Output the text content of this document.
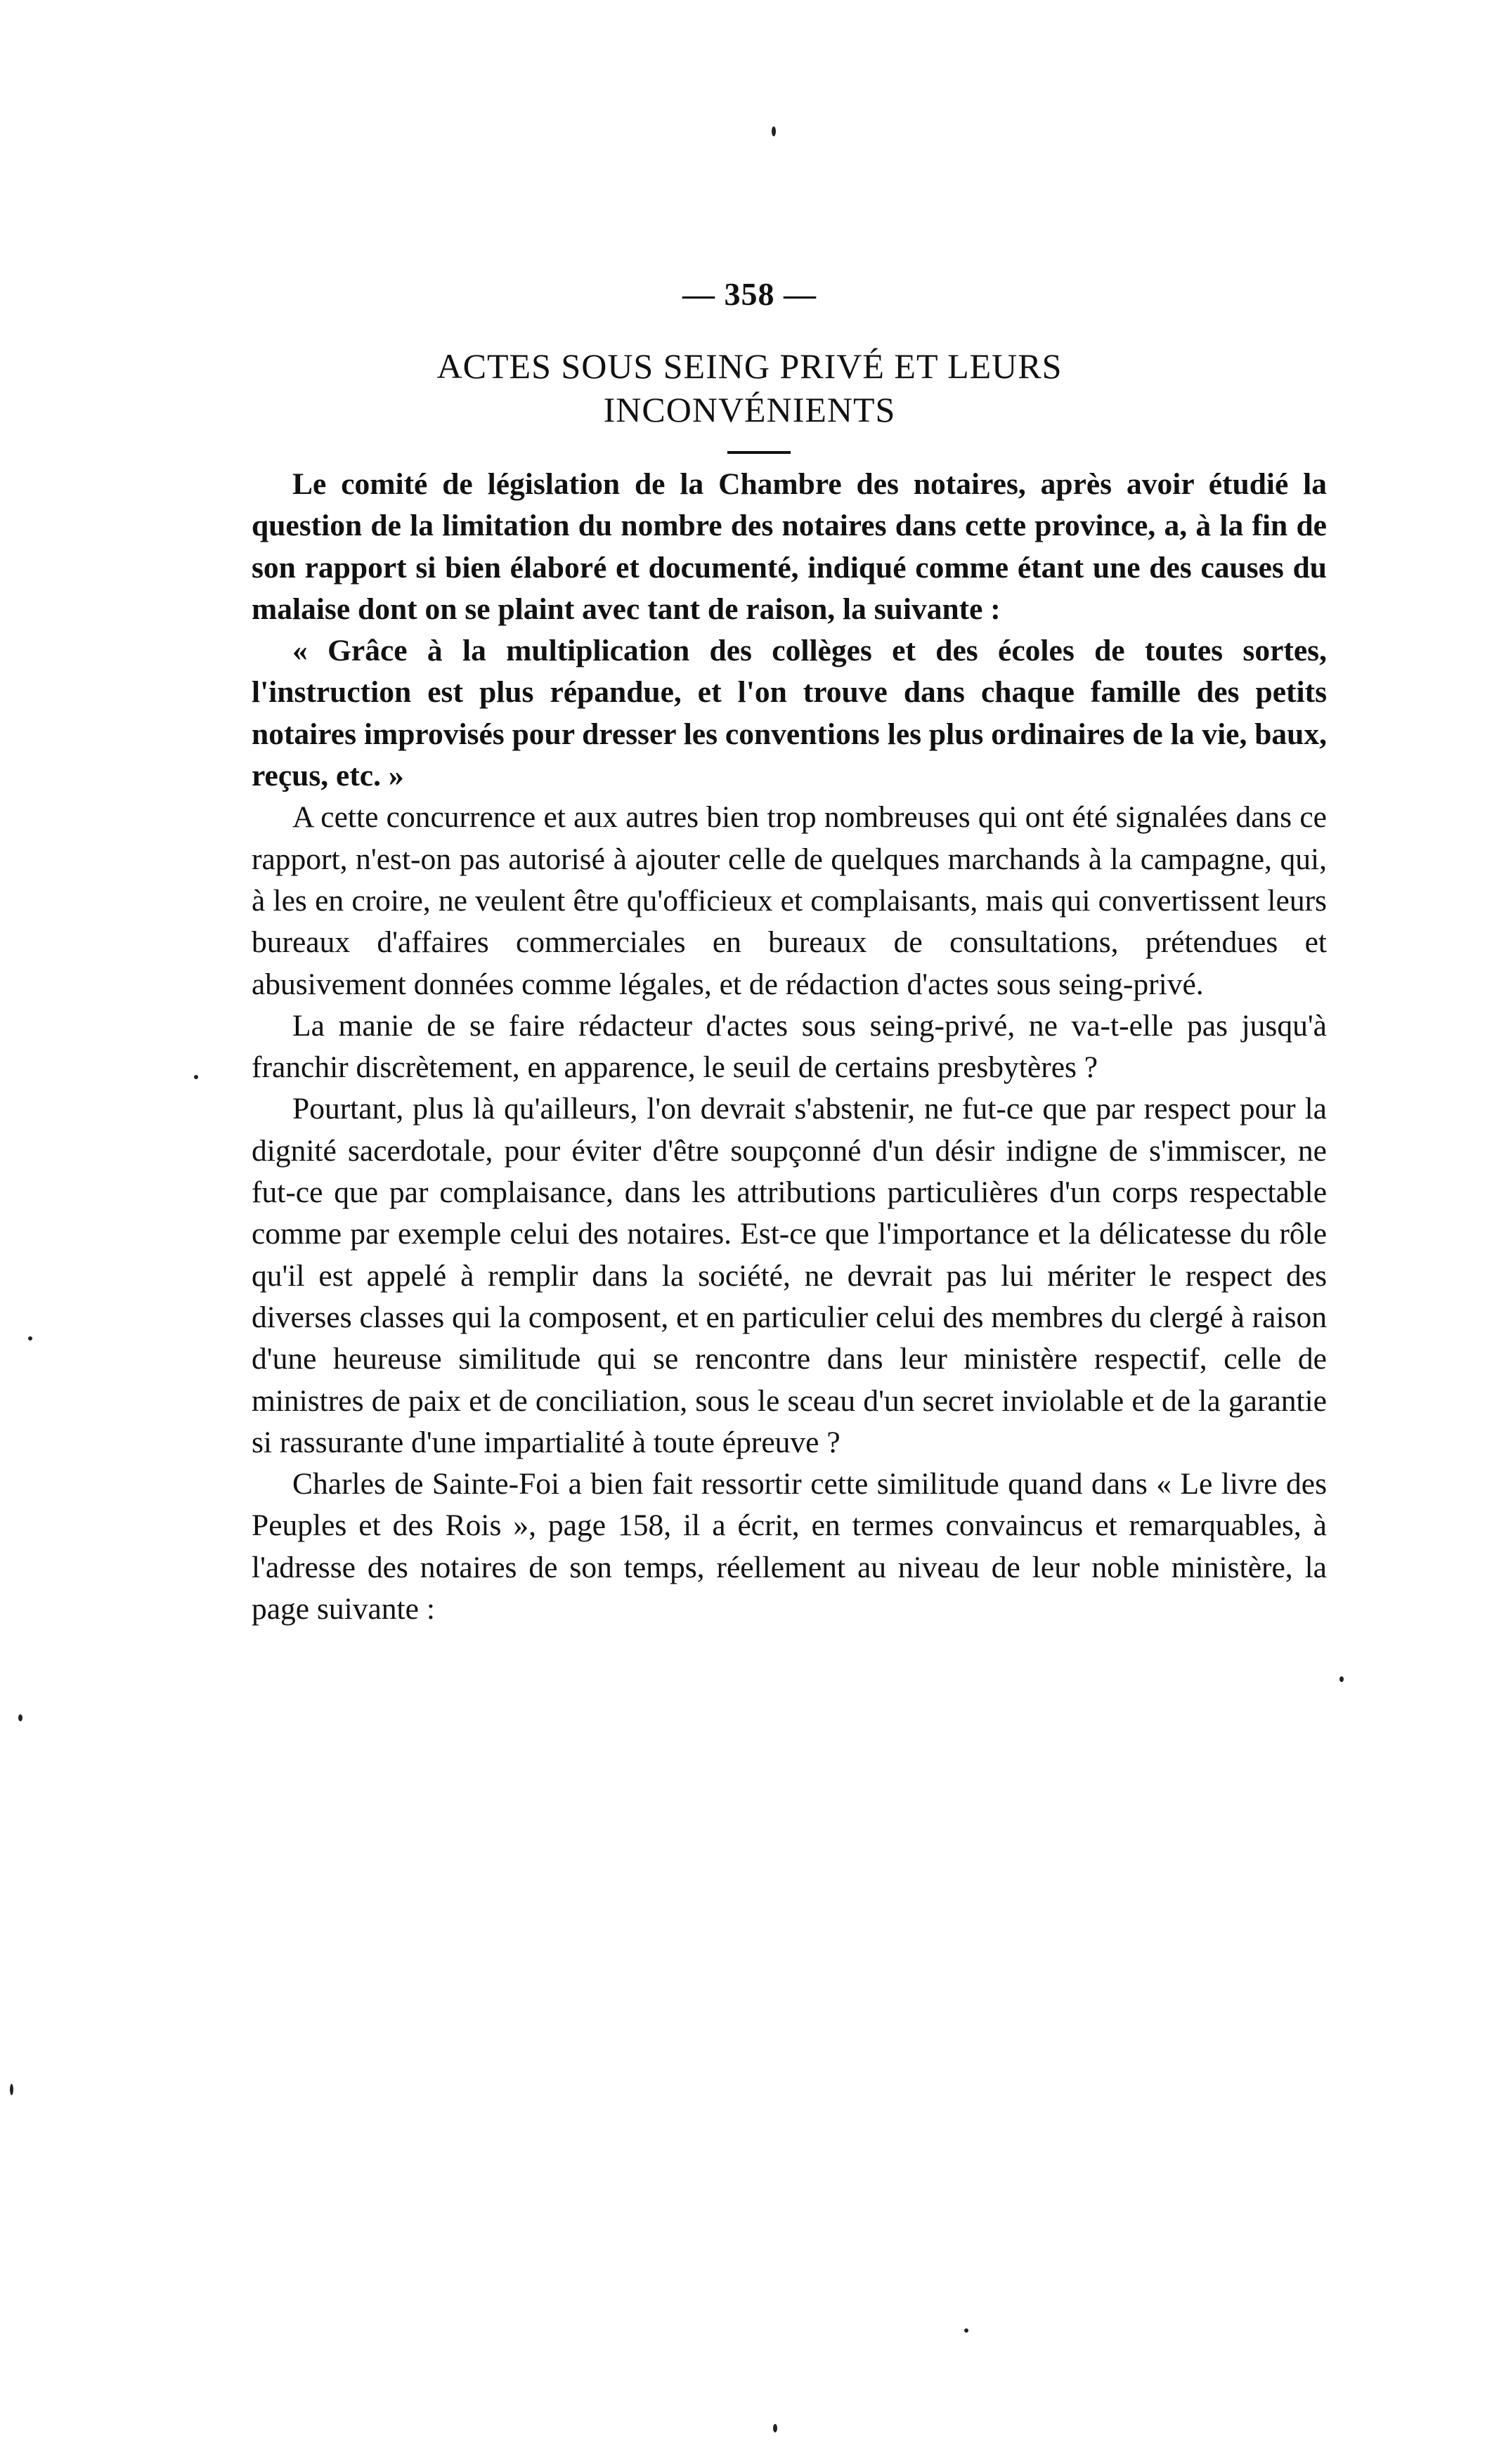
— 358 —
ACTES SOUS SEING PRIVÉ ET LEURS
INCONVÉNIENTS

Le comité de législation de la Chambre des notaires, après avoir étudié la question de la limitation du nombre des notaires dans cette province, a, à la fin de son rapport si bien élaboré et documenté, indiqué comme étant une des causes du malaise dont on se plaint avec tant de raison, la suivante :

« Grâce à la multiplication des collèges et des écoles de toutes sortes, l'instruction est plus répandue, et l'on trouve dans chaque famille des petits notaires improvisés pour dresser les conventions les plus ordinaires de la vie, baux, reçus, etc. »

A cette concurrence et aux autres bien trop nombreuses qui ont été signalées dans ce rapport, n'est-on pas autorisé à ajouter celle de quelques marchands à la campagne, qui, à les en croire, ne veulent être qu'officieux et complaisants, mais qui convertissent leurs bureaux d'affaires commerciales en bureaux de consultations, prétendues et abusivement données comme légales, et de rédaction d'actes sous seing-privé.

La manie de se faire rédacteur d'actes sous seing-privé, ne va-t-elle pas jusqu'à franchir discrètement, en apparence, le seuil de certains presbytères ?

Pourtant, plus là qu'ailleurs, l'on devrait s'abstenir, ne fut-ce que par respect pour la dignité sacerdotale, pour éviter d'être soupçonné d'un désir indigne de s'immiscer, ne fut-ce que par complaisance, dans les attributions particulières d'un corps respectable comme par exemple celui des notaires. Est-ce que l'importance et la délicatesse du rôle qu'il est appelé à remplir dans la société, ne devrait pas lui mériter le respect des diverses classes qui la composent, et en particulier celui des membres du clergé à raison d'une heureuse similitude qui se rencontre dans leur ministère respectif, celle de ministres de paix et de conciliation, sous le sceau d'un secret inviolable et de la garantie si rassurante d'une impartialité à toute épreuve ?

Charles de Sainte-Foi a bien fait ressortir cette similitude quand dans « Le livre des Peuples et des Rois », page 158, il a écrit, en termes convaincus et remarquables, à l'adresse des notaires de son temps, réellement au niveau de leur noble ministère, la page suivante :
